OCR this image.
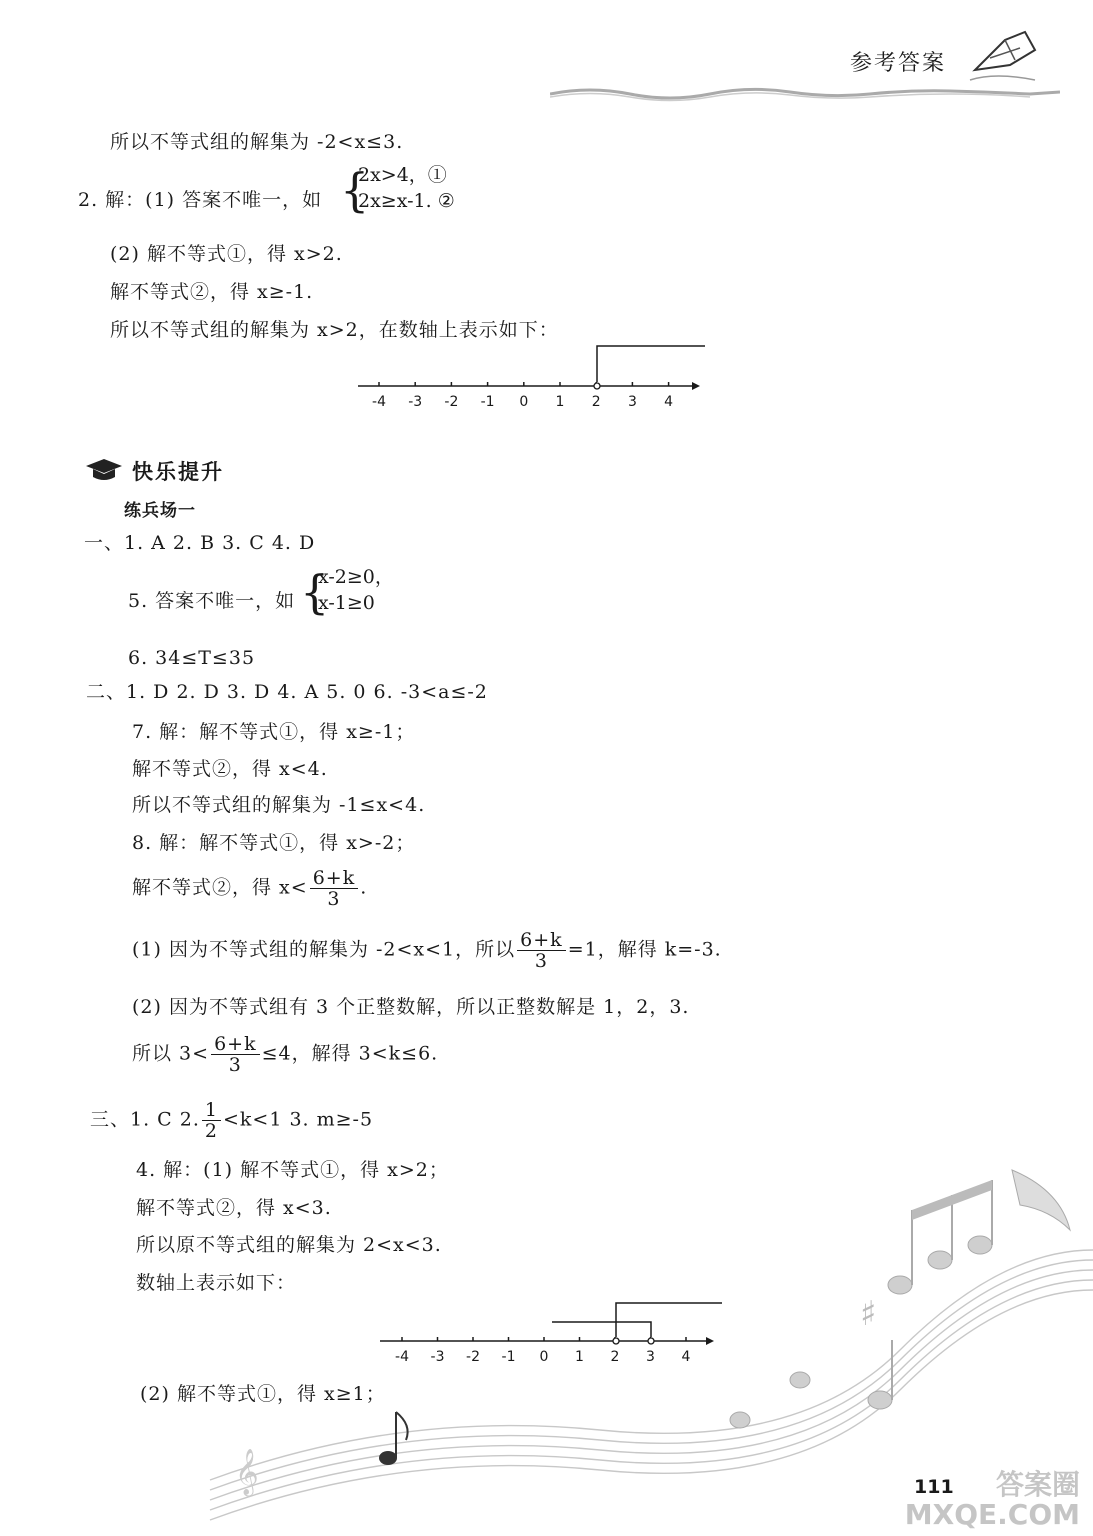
参考答案
所以不等式组的解集为 -2<x≤3.
2. 解：(1) 答案不唯一，如 {
2x>4，①
2x≥x-1. ②
(2) 解不等式①，得 x>2.
解不等式②，得 x≥-1.
所以不等式组的解集为 x>2，在数轴上表示如下：
-4 -3 -2 -1 0 1 2 3 4
快乐提升
练兵场一
一、1. A 2. B 3. C 4. D
5. 答案不唯一，如 {
x-2≥0，
x-1≥0
6. 34≤T≤35
二、1. D 2. D 3. D 4. A 5. 0 6. -3<a≤-2
7. 解：解不等式①，得 x≥-1；
解不等式②，得 x<4.
所以不等式组的解集为 -1≤x<4.
8. 解：解不等式①，得 x>-2；
解不等式②，得 $x< \frac{6+k}{3}$ .
(1) 因为不等式组的解集为 -2<x<1，所以 $\frac{6+k}{3} =1$，解得 k=-3.
(2) 因为不等式组有 3 个正整数解，所以正整数解是 1，2，3.
所以 $3< \frac{6+k}{3} \le 4$，解得 3<k≤6.
三、1. C 2. $\frac{1}{2} <k<1$ 3. m≥-5
4. 解：(1) 解不等式①，得 x>2；
解不等式②，得 x<3.
所以原不等式组的解集为 2<x<3.
数轴上表示如下：
-4 -3 -2 -1 0 1 2 3 4
(2) 解不等式①，得 x≥1；
𝄞
♯
111	答案圈 MXQE.COM
